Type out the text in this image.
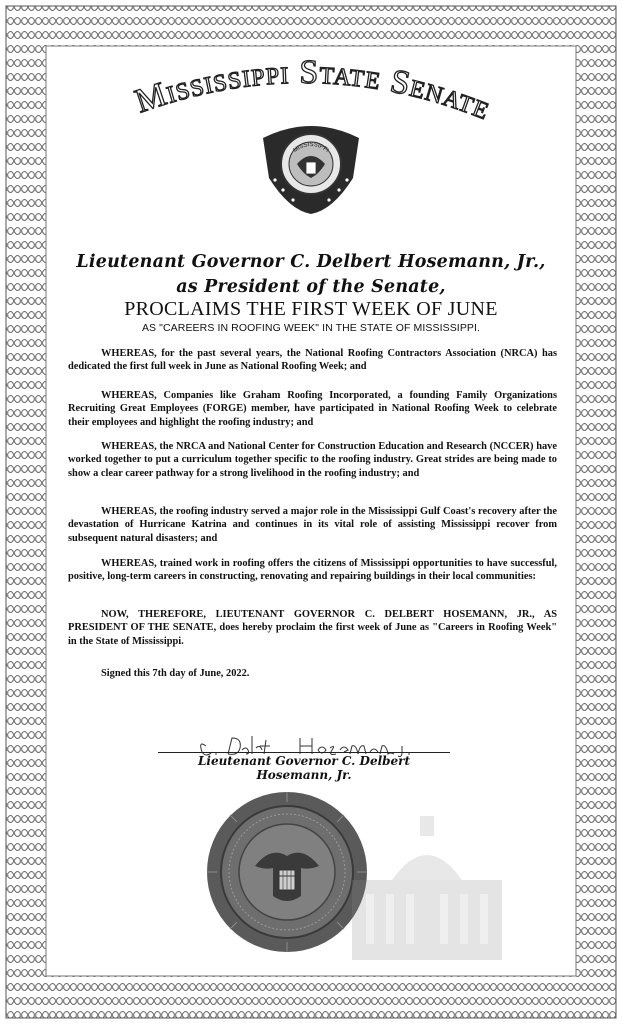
Mississippi State Senate
MISSISSIPPI
Lieutenant Governor C. Delbert Hosemann, Jr.,
as President of the Senate,
PROCLAIMS THE FIRST WEEK OF JUNE
AS "CAREERS IN ROOFING WEEK" IN THE STATE OF MISSISSIPPI.

WHEREAS, for the past several years, the National Roofing Contractors Association (NRCA) has dedicated the first full week in June as National Roofing Week; and

WHEREAS, Companies like Graham Roofing Incorporated, a founding Family Organizations Recruiting Great Employees (FORGE) member, have participated in National Roofing Week to celebrate their employees and highlight the roofing industry; and

WHEREAS, the NRCA and National Center for Construction Education and Research (NCCER) have worked together to put a curriculum together specific to the roofing industry. Great strides are being made to show a clear career pathway for a strong livelihood in the roofing industry; and

WHEREAS, the roofing industry served a major role in the Mississippi Gulf Coast's recovery after the devastation of Hurricane Katrina and continues in its vital role of assisting Mississippi recover from subsequent natural disasters; and

WHEREAS, trained work in roofing offers the citizens of Mississippi opportunities to have successful, positive, long-term careers in constructing, renovating and repairing buildings in their local communities:

NOW, THEREFORE, LIEUTENANT GOVERNOR C. DELBERT HOSEMANN, JR., AS PRESIDENT OF THE SENATE, does hereby proclaim the first week of June as "Careers in Roofing Week" in the State of Mississippi.

Signed this 7th day of June, 2022.
Lieutenant Governor C. Delbert Hosemann, Jr.
